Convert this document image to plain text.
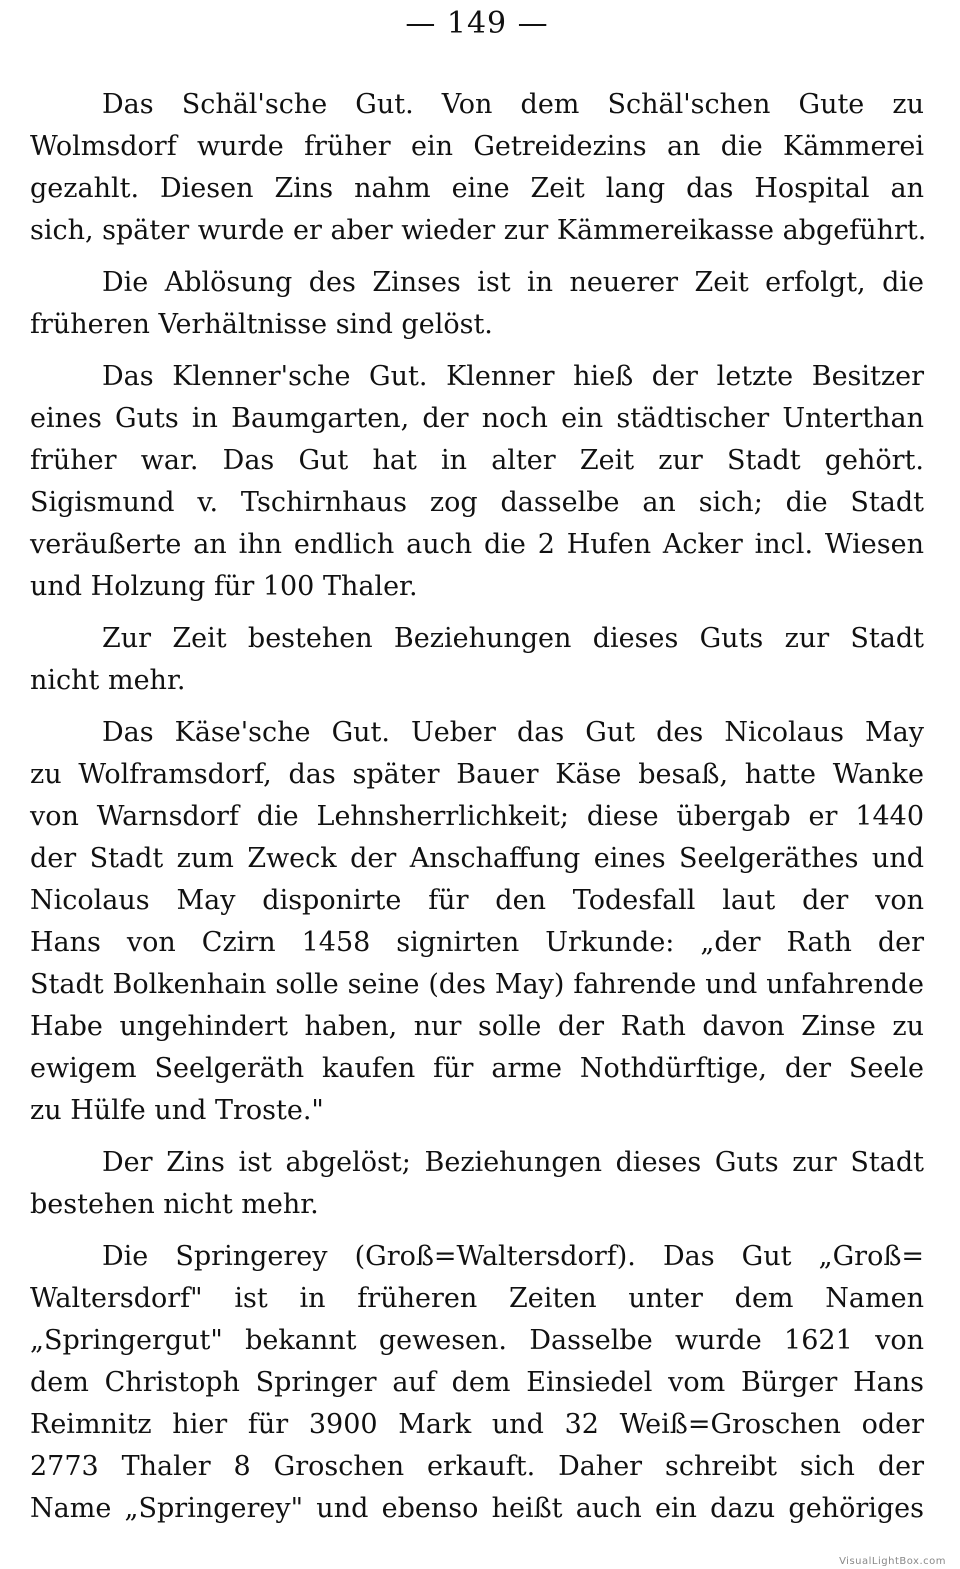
— 149 —
Das Schäl'sche Gut. Von dem Schäl'schen Gute zu
Wolmsdorf wurde früher ein Getreidezins an die Kämmerei
gezahlt. Diesen Zins nahm eine Zeit lang das Hospital an
sich, später wurde er aber wieder zur Kämmereikasse abgeführt.
Die Ablösung des Zinses ist in neuerer Zeit erfolgt, die
früheren Verhältnisse sind gelöst.
Das Klenner'sche Gut. Klenner hieß der letzte Besitzer
eines Guts in Baumgarten, der noch ein städtischer Unterthan
früher war. Das Gut hat in alter Zeit zur Stadt gehört.
Sigismund v. Tschirnhaus zog dasselbe an sich; die Stadt
veräußerte an ihn endlich auch die 2 Hufen Acker incl. Wiesen
und Holzung für 100 Thaler.
Zur Zeit bestehen Beziehungen dieses Guts zur Stadt
nicht mehr.
Das Käse'sche Gut. Ueber das Gut des Nicolaus May
zu Wolframsdorf, das später Bauer Käse besaß, hatte Wanke
von Warnsdorf die Lehnsherrlichkeit; diese übergab er 1440
der Stadt zum Zweck der Anschaffung eines Seelgeräthes und
Nicolaus May disponirte für den Todesfall laut der von
Hans von Czirn 1458 signirten Urkunde: „der Rath der
Stadt Bolkenhain solle seine (des May) fahrende und unfahrende
Habe ungehindert haben, nur solle der Rath davon Zinse zu
ewigem Seelgeräth kaufen für arme Nothdürftige, der Seele
zu Hülfe und Troste."
Der Zins ist abgelöst; Beziehungen dieses Guts zur Stadt
bestehen nicht mehr.
Die Springerey (Groß=Waltersdorf). Das Gut „Groß=
Waltersdorf" ist in früheren Zeiten unter dem Namen
„Springergut" bekannt gewesen. Dasselbe wurde 1621 von
dem Christoph Springer auf dem Einsiedel vom Bürger Hans
Reimnitz hier für 3900 Mark und 32 Weiß=Groschen oder
2773 Thaler 8 Groschen erkauft. Daher schreibt sich der
Name „Springerey" und ebenso heißt auch ein dazu gehöriges
VisualLightBox.com
